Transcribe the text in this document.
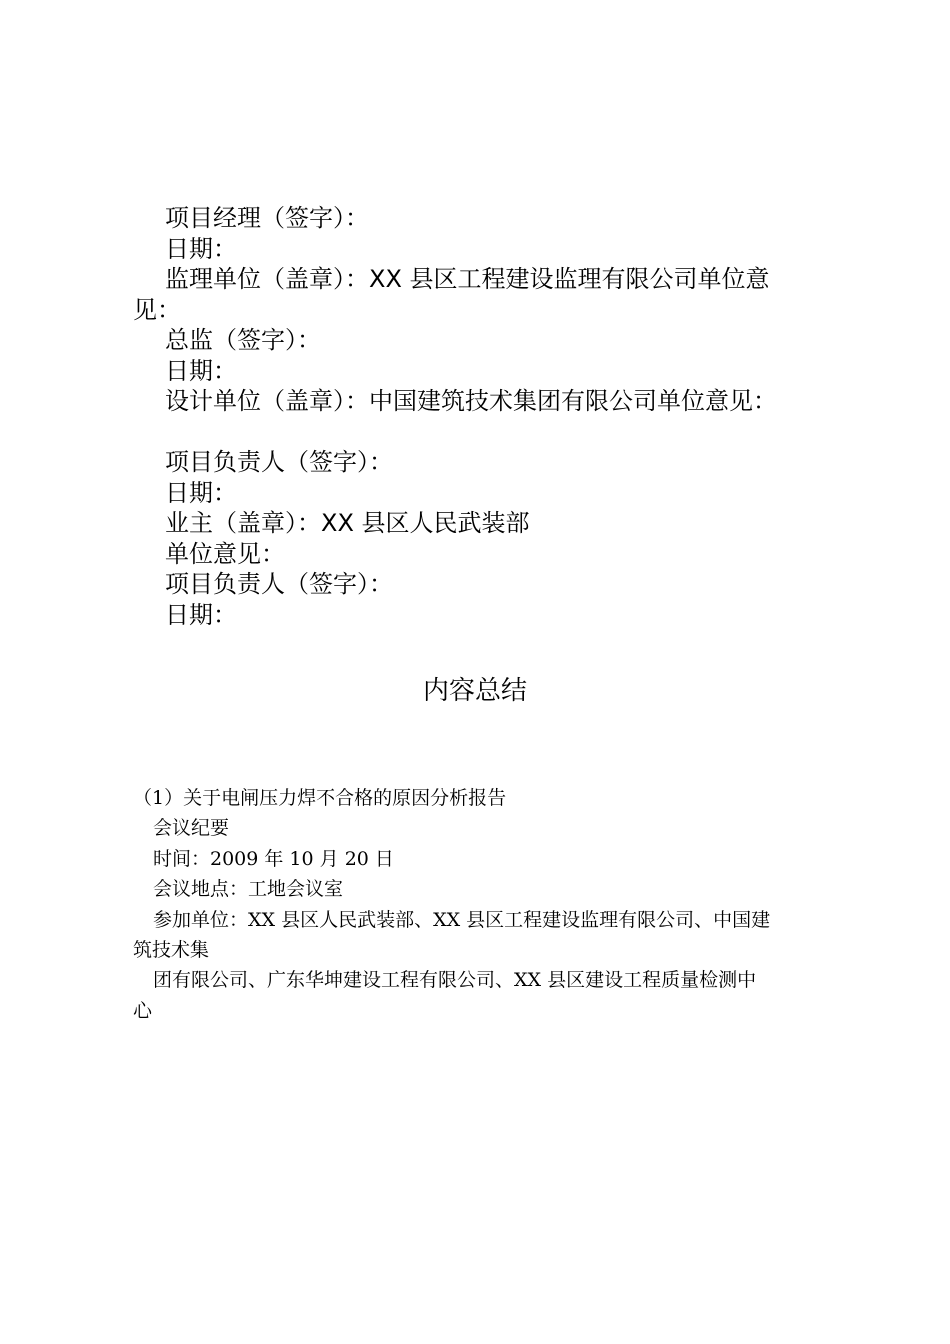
项目经理（签字）：
日期：
监理单位（盖章）：XX 县区工程建设监理有限公司单位意
见：
总监（签字）：
日期：
设计单位（盖章）：中国建筑技术集团有限公司单位意见：
项目负责人（签字）：
日期：
业主（盖章）：XX 县区人民武装部
单位意见：
项目负责人（签字）：
日期：
内容总结
（1）关于电闸压力焊不合格的原因分析报告
会议纪要
时间：2009 年 10 月 20 日
会议地点：工地会议室
参加单位：XX 县区人民武装部、XX 县区工程建设监理有限公司、中国建
筑技术集
团有限公司、广东华坤建设工程有限公司、XX 县区建设工程质量检测中
心
